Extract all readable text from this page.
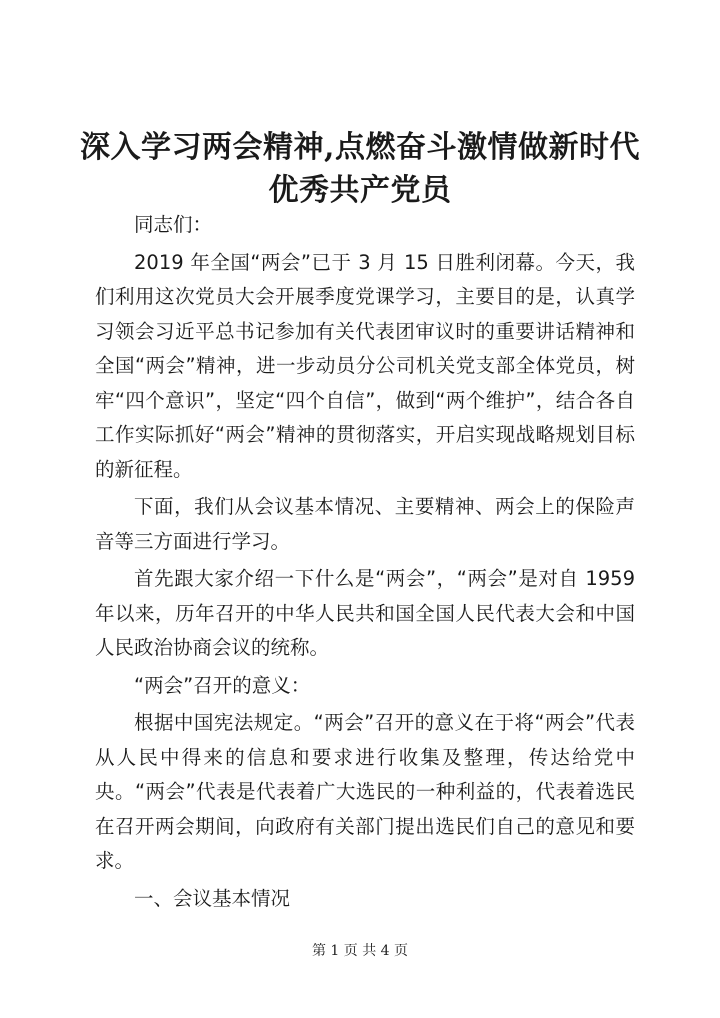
深入学习两会精神,点燃奋斗激情做新时代优秀共产党员

同志们：

2019 年全国“两会”已于 3 月 15 日胜利闭幕。今天，我们利用这次党员大会开展季度党课学习，主要目的是，认真学习领会习近平总书记参加有关代表团审议时的重要讲话精神和全国“两会”精神，进一步动员分公司机关党支部全体党员，树牢“四个意识”，坚定“四个自信”，做到“两个维护”，结合各自工作实际抓好“两会”精神的贯彻落实，开启实现战略规划目标的新征程。

下面，我们从会议基本情况、主要精神、两会上的保险声音等三方面进行学习。

首先跟大家介绍一下什么是“两会”，“两会”是对自 1959 年以来，历年召开的中华人民共和国全国人民代表大会和中国人民政治协商会议的统称。

“两会”召开的意义：

根据中国宪法规定。“两会”召开的意义在于将“两会”代表从人民中得来的信息和要求进行收集及整理，传达给党中央。“两会”代表是代表着广大选民的一种利益的，代表着选民在召开两会期间，向政府有关部门提出选民们自己的意见和要求。

一、会议基本情况

第 1 页 共 4 页
